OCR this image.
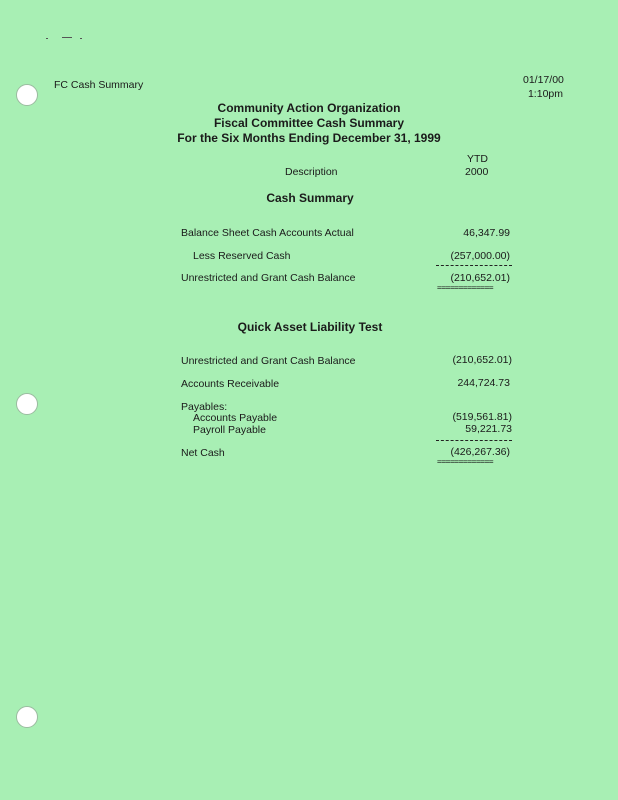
FC Cash Summary	01/17/00
1:10pm
Community Action Organization
Fiscal Committee Cash Summary
For the Six Months Ending December 31, 1999
Description
YTD
2000
Cash Summary
Balance Sheet Cash Accounts Actual	46,347.99
Less Reserved Cash	(257,000.00)
Unrestricted and Grant Cash Balance	(210,652.01)
=============
Quick Asset Liability Test
Unrestricted and Grant Cash Balance	(210,652.01)
Accounts Receivable	244,724.73
Payables:
Accounts Payable	(519,561.81)
Payroll Payable	59,221.73
Net Cash	(426,267.36)
=============
